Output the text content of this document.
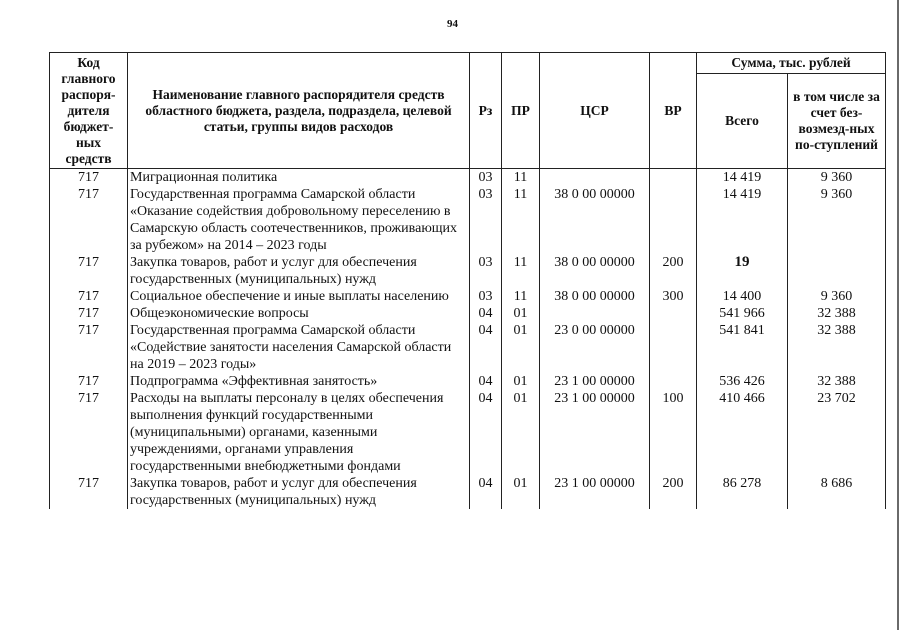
94
Код главного распоря-дителя бюджет-ных средств	Наименование главного распорядителя средств областного бюджета, раздела, подраздела, целевой статьи, группы видов расходов	Рз	ПР	ЦСР	ВР	Сумма, тыс. рублей	
						Всего	в том числе за счет без-возмезд-ных по-ступлений
717	Миграционная политика	03	11			14 419	9 360
717	Государственная программа Самарской области «Оказание содействия добровольному переселению в Самарскую область соотечественников, проживающих за рубежом» на 2014 – 2023 годы	03	11	38 0 00 00000		14 419	9 360
717	Закупка товаров, работ и услуг для обеспечения государственных (муниципальных) нужд	03	11	38 0 00 00000	200	19	
717	Социальное обеспечение и иные выплаты населению	03	11	38 0 00 00000	300	14 400	9 360
717	Общеэкономические вопросы	04	01			541 966	32 388
717	Государственная программа Самарской области «Содействие занятости населения Самарской области на 2019 – 2023 годы»	04	01	23 0 00 00000		541 841	32 388
717	Подпрограмма «Эффективная занятость»	04	01	23 1 00 00000		536 426	32 388
717	Расходы на выплаты персоналу в целях обеспечения выполнения функций государственными (муниципальными) органами, казенными учреждениями, органами управления государственными внебюджетными фондами	04	01	23 1 00 00000	100	410 466	23 702
717	Закупка товаров, работ и услуг для обеспечения государственных (муниципальных) нужд	04	01	23 1 00 00000	200	86 278	8 686
